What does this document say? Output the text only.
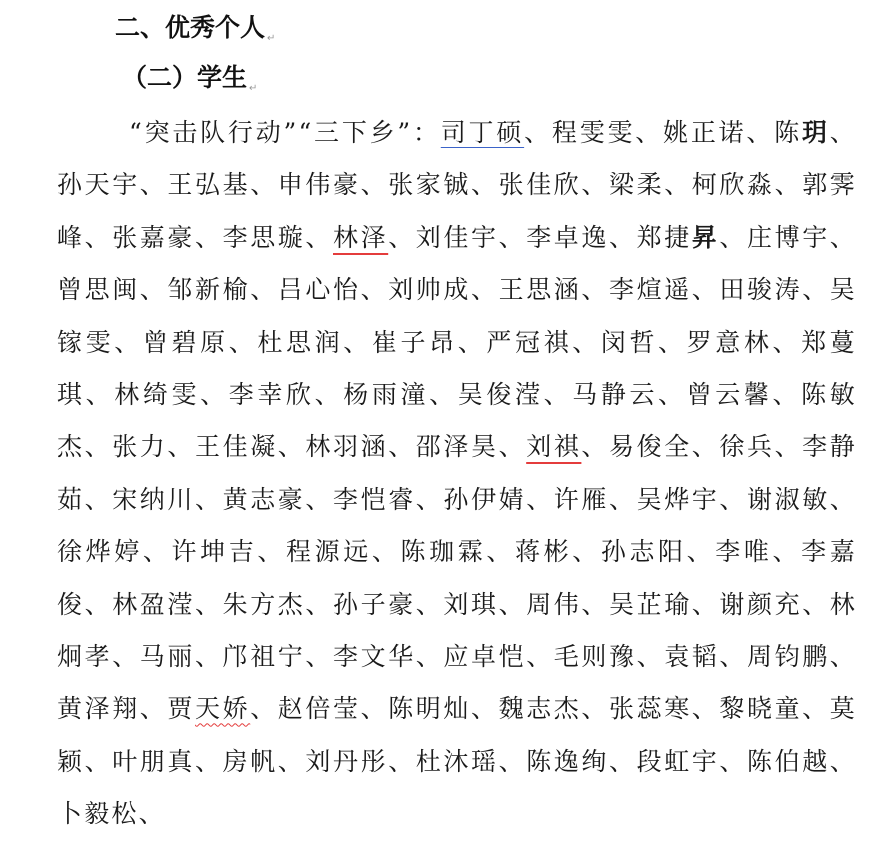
二、优秀个人 ↵
（二）学生 ↵

“突击队行动”“三下乡”：司丁硕、程雯雯、姚正诺、陈玥、孙天宇、王弘基、申伟豪、张家铖、张佳欣、梁柔、柯欣淼、郭霁峰、张嘉豪、李思璇、林泽、刘佳宇、李卓逸、郑捷昇、庄博宇、曾思闽、邹新榆、吕心怡、刘帅成、王思涵、李煊遥、田骏涛、吴镓雯、曾碧原、杜思润、崔子昂、严冠祺、闵哲、罗意林、郑蔓琪、林绮雯、李幸欣、杨雨潼、吴俊滢、马静云、曾云馨、陈敏杰、张力、王佳凝、林羽涵、邵泽昊、刘祺、易俊全、徐兵、李静茹、宋纳川、黄志豪、李恺睿、孙伊婧、许雁、吴烨宇、谢淑敏、徐烨婷、许坤吉、程源远、陈珈霖、蒋彬、孙志阳、李唯、李嘉俊、林盈滢、朱方杰、孙子豪、刘琪、周伟、吴芷瑜、谢颜充、林炯孝、马丽、邝祖宁、李文华、应卓恺、毛则豫、袁韬、周钧鹏、黄泽翔、贾天娇、赵倍莹、陈明灿、魏志杰、张蕊寒、黎晓童、莫颖、叶朋真、房帆、刘丹彤、杜沐瑶、陈逸绚、段虹宇、陈伯越、卜毅松、
